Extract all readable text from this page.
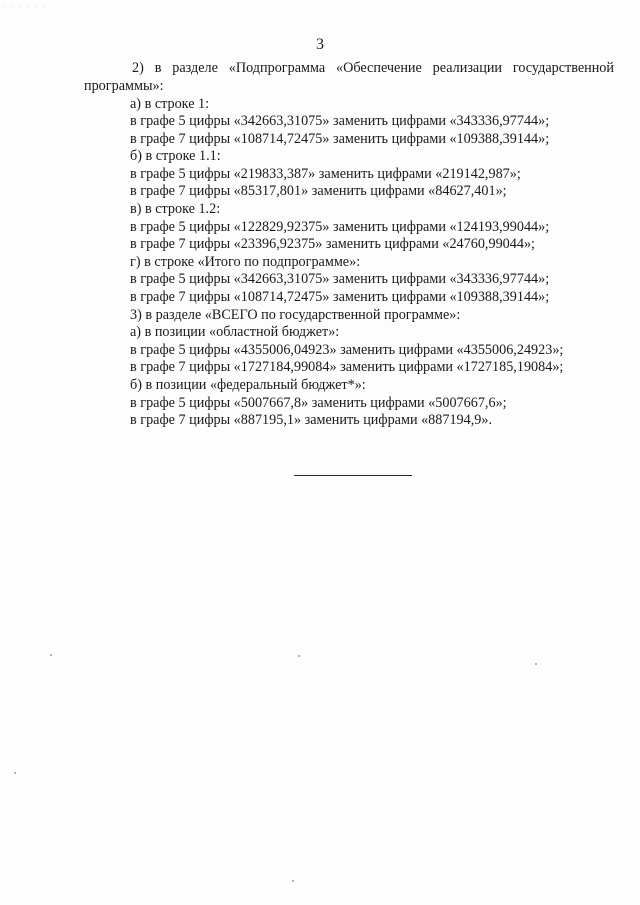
· · · · · ·
3
2) в разделе «Подпрограмма «Обеспечение реализации государственной
программы»:
а) в строке 1:
в графе 5 цифры «342663,31075» заменить цифрами «343336,97744»;
в графе 7 цифры «108714,72475» заменить цифрами «109388,39144»;
б) в строке 1.1:
в графе 5 цифры «219833,387» заменить цифрами «219142,987»;
в графе 7 цифры «85317,801» заменить цифрами «84627,401»;
в) в строке 1.2:
в графе 5 цифры «122829,92375» заменить цифрами «124193,99044»;
в графе 7 цифры «23396,92375» заменить цифрами «24760,99044»;
г) в строке «Итого по подпрограмме»:
в графе 5 цифры «342663,31075» заменить цифрами «343336,97744»;
в графе 7 цифры «108714,72475» заменить цифрами «109388,39144»;
3) в разделе «ВСЕГО по государственной программе»:
а) в позиции «областной бюджет»:
в графе 5 цифры «4355006,04923» заменить цифрами «4355006,24923»;
в графе 7 цифры «1727184,99084» заменить цифрами «1727185,19084»;
б) в позиции «федеральный бюджет*»:
в графе 5 цифры «5007667,8» заменить цифрами «5007667,6»;
в графе 7 цифры «887195,1» заменить цифрами «887194,9».
